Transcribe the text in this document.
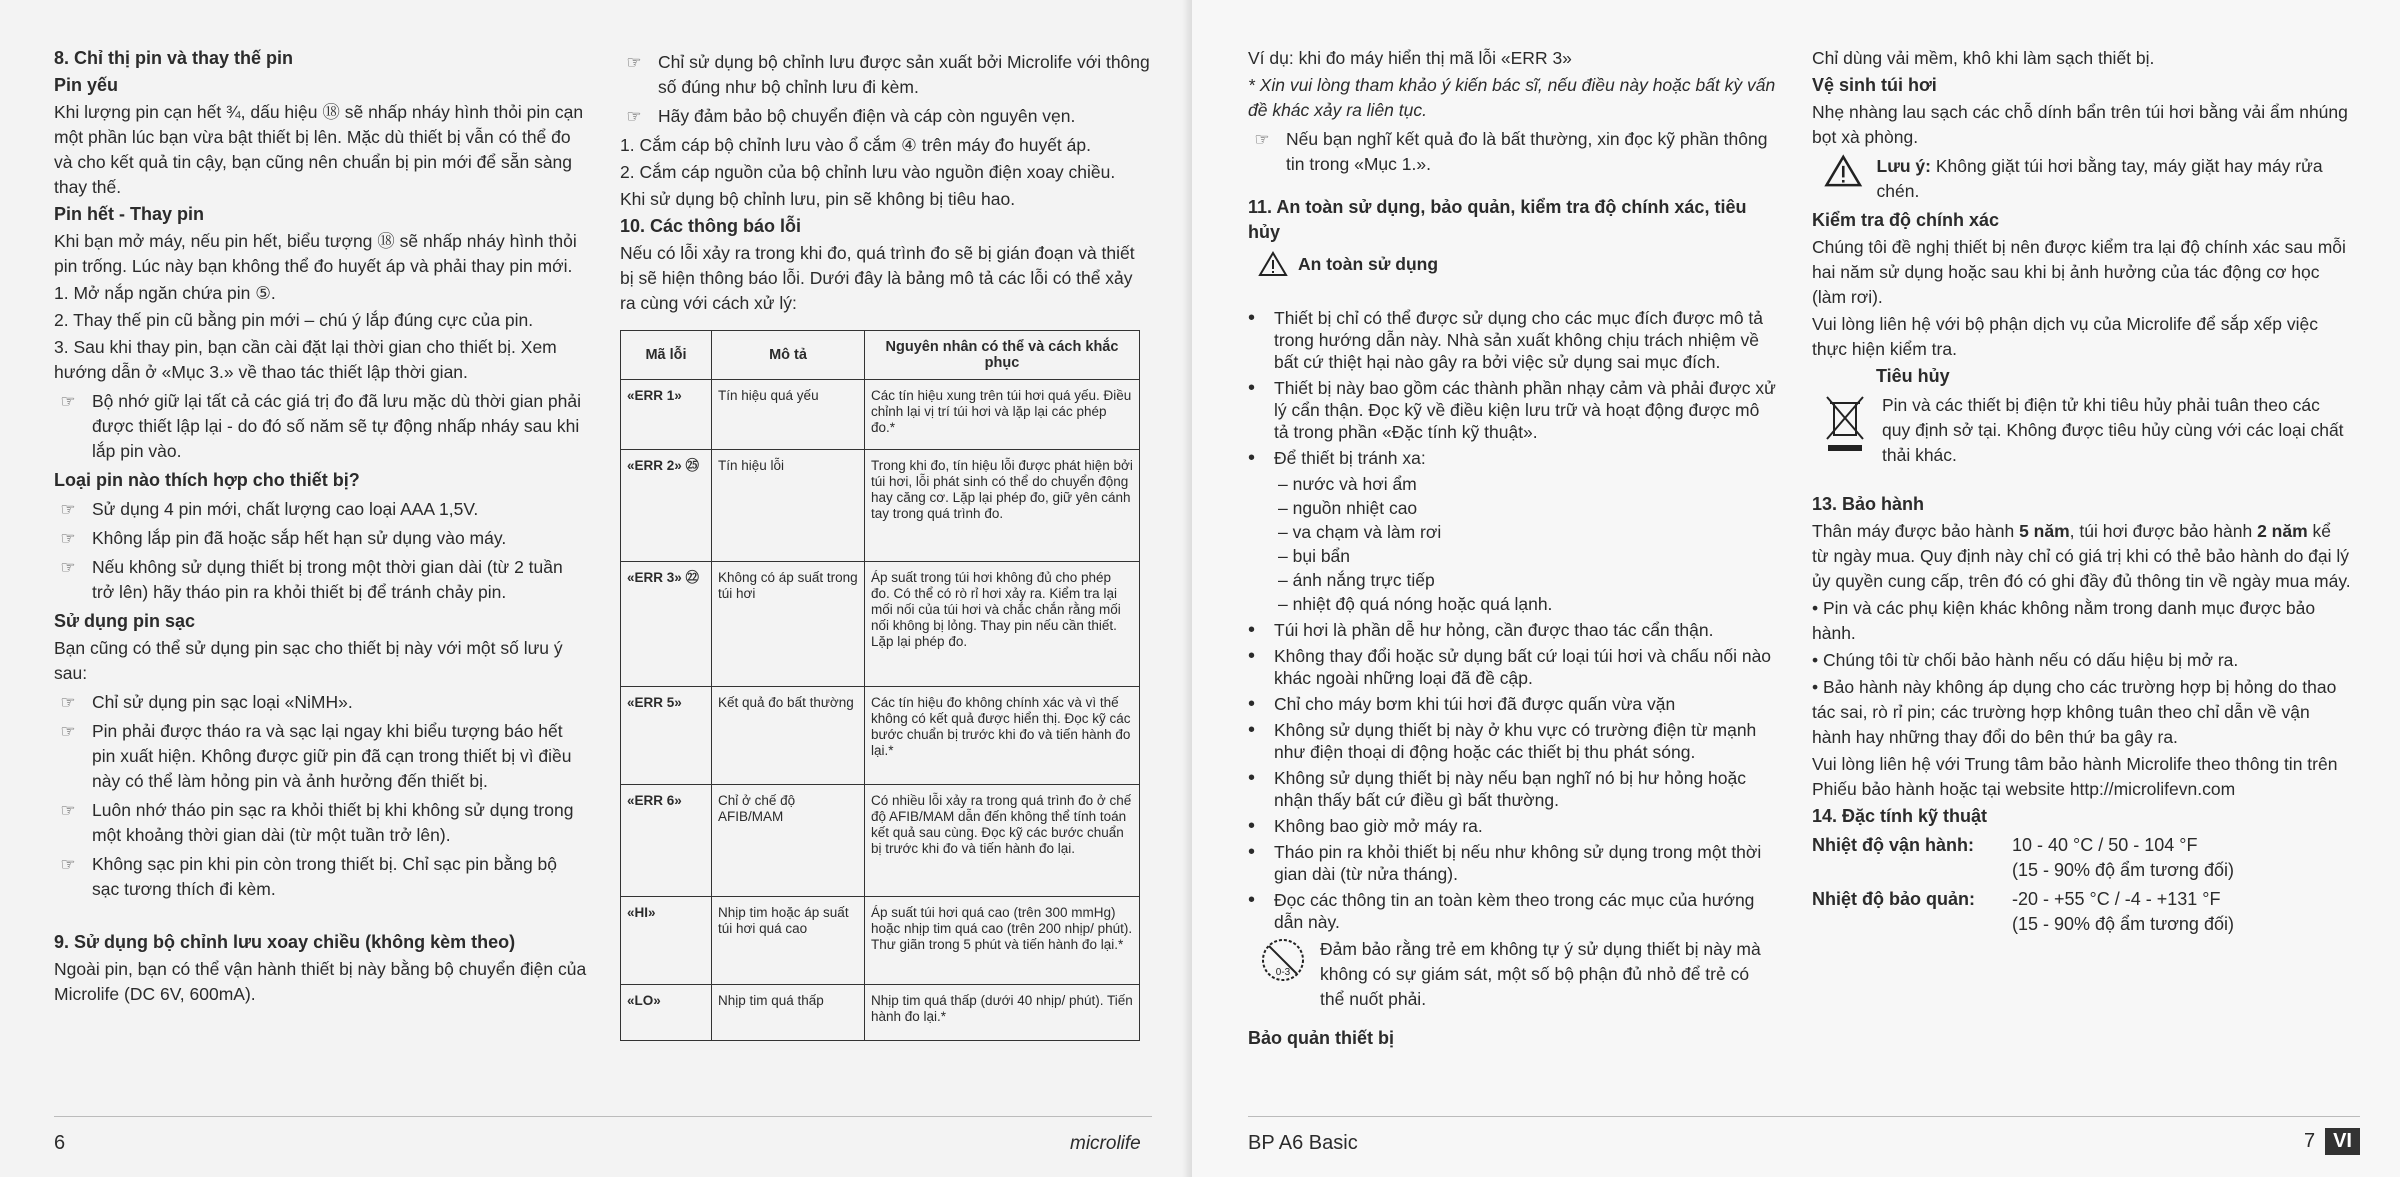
8. Chỉ thị pin và thay thế pin

Pin yếu

Khi lượng pin cạn hết ¾, dấu hiệu ⑱ sẽ nhấp nháy hình thỏi pin cạn một phần lúc bạn vừa bật thiết bị lên. Mặc dù thiết bị vẫn có thể đo và cho kết quả tin cậy, bạn cũng nên chuẩn bị pin mới để sẵn sàng thay thế.

Pin hết - Thay pin

Khi bạn mở máy, nếu pin hết, biểu tượng ⑱ sẽ nhấp nháy hình thỏi pin trống. Lúc này bạn không thể đo huyết áp và phải thay pin mới.

1. Mở nắp ngăn chứa pin ⑤.

2. Thay thế pin cũ bằng pin mới – chú ý lắp đúng cực của pin.

3. Sau khi thay pin, bạn cần cài đặt lại thời gian cho thiết bị. Xem hướng dẫn ở «Mục 3.» về thao tác thiết lập thời gian.

☞ Bộ nhớ giữ lại tất cả các giá trị đo đã lưu mặc dù thời gian phải được thiết lập lại - do đó số năm sẽ tự động nhấp nháy sau khi lắp pin vào.

Loại pin nào thích hợp cho thiết bị?

☞ Sử dụng 4 pin mới, chất lượng cao loại AAA 1,5V.
☞ Không lắp pin đã hoặc sắp hết hạn sử dụng vào máy.
☞ Nếu không sử dụng thiết bị trong một thời gian dài (từ 2 tuần trở lên) hãy tháo pin ra khỏi thiết bị để tránh chảy pin.

Sử dụng pin sạc

Bạn cũng có thể sử dụng pin sạc cho thiết bị này với một số lưu ý sau:

☞ Chỉ sử dụng pin sạc loại «NiMH».
☞ Pin phải được tháo ra và sạc lại ngay khi biểu tượng báo hết pin xuất hiện. Không được giữ pin đã cạn trong thiết bị vì điều này có thể làm hỏng pin và ảnh hưởng đến thiết bị.
☞ Luôn nhớ tháo pin sạc ra khỏi thiết bị khi không sử dụng trong một khoảng thời gian dài (từ một tuần trở lên).
☞ Không sạc pin khi pin còn trong thiết bị. Chỉ sạc pin bằng bộ sạc tương thích đi kèm.

9. Sử dụng bộ chỉnh lưu xoay chiều (không kèm theo)

Ngoài pin, bạn có thể vận hành thiết bị này bằng bộ chuyển điện của Microlife (DC 6V, 600mA).

☞ Chỉ sử dụng bộ chỉnh lưu được sản xuất bởi Microlife với thông số đúng như bộ chỉnh lưu đi kèm.
☞ Hãy đảm bảo bộ chuyển điện và cáp còn nguyên vẹn.

1. Cắm cáp bộ chỉnh lưu vào ổ cắm ④ trên máy đo huyết áp.

2. Cắm cáp nguồn của bộ chỉnh lưu vào nguồn điện xoay chiều.

Khi sử dụng bộ chỉnh lưu, pin sẽ không bị tiêu hao.

10. Các thông báo lỗi

Nếu có lỗi xảy ra trong khi đo, quá trình đo sẽ bị gián đoạn và thiết bị sẽ hiện thông báo lỗi. Dưới đây là bảng mô tả các lỗi có thể xảy ra cùng với cách xử lý:

Mã lỗi	Mô tả	Nguyên nhân có thể và cách khắc phục
«ERR 1»	Tín hiệu quá yếu	Các tín hiệu xung trên túi hơi quá yếu. Điều chỉnh lại vị trí túi hơi và lặp lại các phép đo.*
«ERR 2» ㉕	Tín hiệu lỗi	Trong khi đo, tín hiệu lỗi được phát hiện bởi túi hơi, lỗi phát sinh có thể do chuyển động hay căng cơ. Lặp lại phép đo, giữ yên cánh tay trong quá trình đo.
«ERR 3» ㉒	Không có áp suất trong túi hơi	Áp suất trong túi hơi không đủ cho phép đo. Có thể có rò rỉ hơi xảy ra. Kiểm tra lại mối nối của túi hơi và chắc chắn rằng mối nối không bị lỏng. Thay pin nếu cần thiết. Lặp lại phép đo.
«ERR 5»	Kết quả đo bất thường	Các tín hiệu đo không chính xác và vì thế không có kết quả được hiển thị. Đọc kỹ các bước chuẩn bị trước khi đo và tiến hành đo lại.*
«ERR 6»	Chỉ ở chế độ AFIB/MAM	Có nhiều lỗi xảy ra trong quá trình đo ở chế độ AFIB/MAM dẫn đến không thể tính toán kết quả sau cùng. Đọc kỹ các bước chuẩn bị trước khi đo và tiến hành đo lại.
«HI»	Nhịp tim hoặc áp suất túi hơi quá cao	Áp suất túi hơi quá cao (trên 300 mmHg) hoặc nhịp tim quá cao (trên 200 nhịp/ phút). Thư giãn trong 5 phút và tiến hành đo lại.*
«LO»	Nhịp tim quá thấp	Nhịp tim quá thấp (dưới 40 nhịp/ phút). Tiến hành đo lại.*
6	microlife

Ví dụ: khi đo máy hiển thị mã lỗi «ERR 3»

* Xin vui lòng tham khảo ý kiến bác sĩ, nếu điều này hoặc bất kỳ vấn đề khác xảy ra liên tục.

☞ Nếu bạn nghĩ kết quả đo là bất thường, xin đọc kỹ phần thông tin trong «Mục 1.».

11. An toàn sử dụng, bảo quản, kiểm tra độ chính xác, tiêu hủy

An toàn sử dụng
•	Thiết bị chỉ có thể được sử dụng cho các mục đích được mô tả trong hướng dẫn này. Nhà sản xuất không chịu trách nhiệm về bất cứ thiệt hại nào gây ra bởi việc sử dụng sai mục đích.
•	Thiết bị này bao gồm các thành phần nhạy cảm và phải được xử lý cẩn thận. Đọc kỹ về điều kiện lưu trữ và hoạt động được mô tả trong phần «Đặc tính kỹ thuật».
•	Để thiết bị tránh xa:

– nước và hơi ẩm

– nguồn nhiệt cao

– va chạm và làm rơi

– bụi bẩn

– ánh nắng trực tiếp

– nhiệt độ quá nóng hoặc quá lạnh.

•	Túi hơi là phần dễ hư hỏng, cần được thao tác cẩn thận.
•	Không thay đổi hoặc sử dụng bất cứ loại túi hơi và chấu nối nào khác ngoài những loại đã đề cập.
•	Chỉ cho máy bơm khi túi hơi đã được quấn vừa vặn
•	Không sử dụng thiết bị này ở khu vực có trường điện từ mạnh như điện thoại di động hoặc các thiết bị thu phát sóng.
•	Không sử dụng thiết bị này nếu bạn nghĩ nó bị hư hỏng hoặc nhận thấy bất cứ điều gì bất thường.
•	Không bao giờ mở máy ra.
•	Tháo pin ra khỏi thiết bị nếu như không sử dụng trong một thời gian dài (từ nửa tháng).
•	Đọc các thông tin an toàn kèm theo trong các mục của hướng dẫn này.
0-3
Đảm bảo rằng trẻ em không tự ý sử dụng thiết bị này mà không có sự giám sát, một số bộ phận đủ nhỏ để trẻ có thể nuốt phải.

Bảo quản thiết bị

Chỉ dùng vải mềm, khô khi làm sạch thiết bị.

Vệ sinh túi hơi

Nhẹ nhàng lau sạch các chỗ dính bẩn trên túi hơi bằng vải ẩm nhúng bọt xà phòng.

Lưu ý: Không giặt túi hơi bằng tay, máy giặt hay máy rửa chén.

Kiểm tra độ chính xác

Chúng tôi đề nghị thiết bị nên được kiểm tra lại độ chính xác sau mỗi hai năm sử dụng hoặc sau khi bị ảnh hưởng của tác động cơ học (làm rơi).

Vui lòng liên hệ với bộ phận dịch vụ của Microlife để sắp xếp việc thực hiện kiểm tra.

Tiêu hủy

Pin và các thiết bị điện tử khi tiêu hủy phải tuân theo các quy định sở tại. Không được tiêu hủy cùng với các loại chất thải khác.

13. Bảo hành

Thân máy được bảo hành 5 năm, túi hơi được bảo hành 2 năm kể từ ngày mua. Quy định này chỉ có giá trị khi có thẻ bảo hành do đại lý ủy quyền cung cấp, trên đó có ghi đầy đủ thông tin về ngày mua máy.

• Pin và các phụ kiện khác không nằm trong danh mục được bảo hành.

• Chúng tôi từ chối bảo hành nếu có dấu hiệu bị mở ra.

• Bảo hành này không áp dụng cho các trường hợp bị hỏng do thao tác sai, rò rỉ pin; các trường hợp không tuân theo chỉ dẫn về vận hành hay những thay đổi do bên thứ ba gây ra.

Vui lòng liên hệ với Trung tâm bảo hành Microlife theo thông tin trên Phiếu bảo hành hoặc tại website http://microlifevn.com

14. Đặc tính kỹ thuật

Nhiệt độ vận hành:	10 - 40 °C / 50 - 104 °F
(15 - 90% độ ẩm tương đối)
Nhiệt độ bảo quản:	-20 - +55 °C / -4 - +131 °F
(15 - 90% độ ẩm tương đối)
BP A6 Basic	7 VI
